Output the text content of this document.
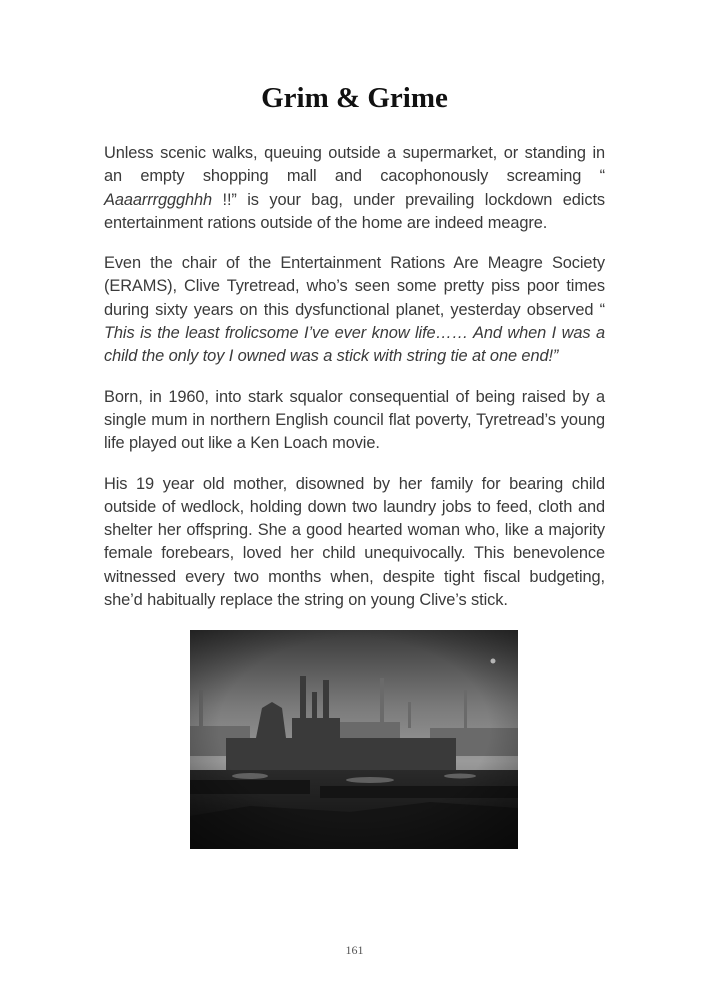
Grim & Grime

Unless scenic walks, queuing outside a supermarket, or standing in an empty shopping mall and cacophonously screaming “ Aaaarrrggghhh !!” is your bag, under prevailing lockdown edicts entertainment rations outside of the home are indeed meagre.

Even the chair of the Entertainment Rations Are Meagre Society (ERAMS), Clive Tyretread, who’s seen some pretty piss poor times during sixty years on this dysfunctional planet, yesterday observed “ This is the least frolicsome I’ve ever know life…… And when I was a child the only toy I owned was a stick with string tie at one end!”

Born, in 1960, into stark squalor consequential of being raised by a single mum in northern English council flat poverty, Tyretread’s young life played out like a Ken Loach movie.

His 19 year old mother, disowned by her family for bearing child outside of wedlock, holding down two laundry jobs to feed, cloth and shelter her offspring. She a good hearted woman who, like a majority female forebears, loved her child unequivocally. This benevolence witnessed every two months when, despite tight fiscal budgeting, she’d habitually replace the string on young Clive’s stick.

161
